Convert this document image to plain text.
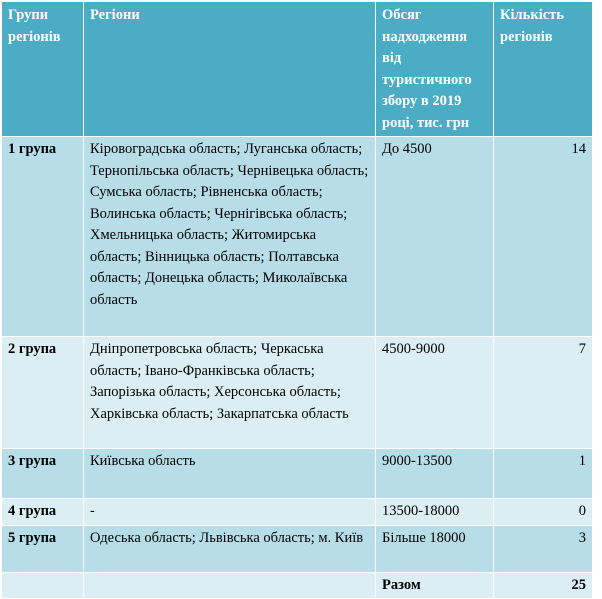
Групи регіонів	Регіони	Обсяг надходження від туристичного збору в 2019 році, тис. грн	Кількість регіонів
1 група	Кіровоградська область; Луганська область; Тернопільська область; Чернівецька область; Сумська область; Рівненська область; Волинська область; Чернігівська область; Хмельницька область; Житомирська область; Вінницька область; Полтавська область; Донецька область; Миколаївська область	До 4500	14
2 група	Дніпропетровська область; Черкаська область; Івано-Франківська область; Запорізька область; Херсонська область; Харківська область; Закарпатська область	4500-9000	7
3 група	Київська область	9000-13500	1
4 група	-	13500-18000	0
5 група	Одеська область; Львівська область; м. Київ	Більше 18000	3
		Разом	25
